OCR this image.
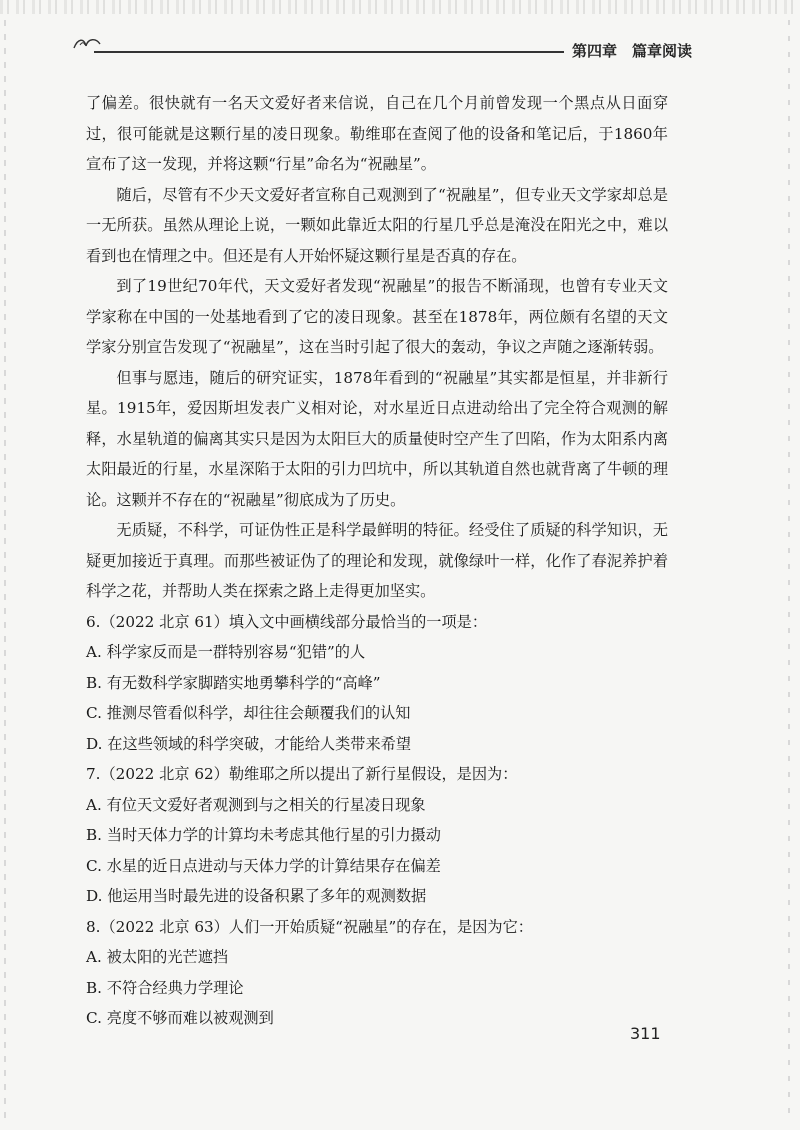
第四章　篇章阅读

了偏差。很快就有一名天文爱好者来信说，自己在几个月前曾发现一个黑点从日面穿过，很可能就是这颗行星的凌日现象。勒维耶在查阅了他的设备和笔记后，于1860年宣布了这一发现，并将这颗“行星”命名为“祝融星”。

随后，尽管有不少天文爱好者宣称自己观测到了“祝融星”，但专业天文学家却总是一无所获。虽然从理论上说，一颗如此靠近太阳的行星几乎总是淹没在阳光之中，难以看到也在情理之中。但还是有人开始怀疑这颗行星是否真的存在。

到了19世纪70年代，天文爱好者发现“祝融星”的报告不断涌现，也曾有专业天文学家称在中国的一处基地看到了它的凌日现象。甚至在1878年，两位颇有名望的天文学家分别宣告发现了“祝融星”，这在当时引起了很大的轰动，争议之声随之逐渐转弱。

但事与愿违，随后的研究证实，1878年看到的“祝融星”其实都是恒星，并非新行星。1915年，爱因斯坦发表广义相对论，对水星近日点进动给出了完全符合观测的解释，水星轨道的偏离其实只是因为太阳巨大的质量使时空产生了凹陷，作为太阳系内离太阳最近的行星，水星深陷于太阳的引力凹坑中，所以其轨道自然也就背离了牛顿的理论。这颗并不存在的“祝融星”彻底成为了历史。

无质疑，不科学，可证伪性正是科学最鲜明的特征。经受住了质疑的科学知识，无疑更加接近于真理。而那些被证伪了的理论和发现，就像绿叶一样，化作了春泥养护着科学之花，并帮助人类在探索之路上走得更加坚实。

6.（2022 北京 61）填入文中画横线部分最恰当的一项是：

A. 科学家反而是一群特别容易“犯错”的人

B. 有无数科学家脚踏实地勇攀科学的“高峰”

C. 推测尽管看似科学，却往往会颠覆我们的认知

D. 在这些领域的科学突破，才能给人类带来希望

7.（2022 北京 62）勒维耶之所以提出了新行星假设，是因为：

A. 有位天文爱好者观测到与之相关的行星凌日现象

B. 当时天体力学的计算均未考虑其他行星的引力摄动

C. 水星的近日点进动与天体力学的计算结果存在偏差

D. 他运用当时最先进的设备积累了多年的观测数据

8.（2022 北京 63）人们一开始质疑“祝融星”的存在，是因为它：

A. 被太阳的光芒遮挡

B. 不符合经典力学理论

C. 亮度不够而难以被观测到

311
